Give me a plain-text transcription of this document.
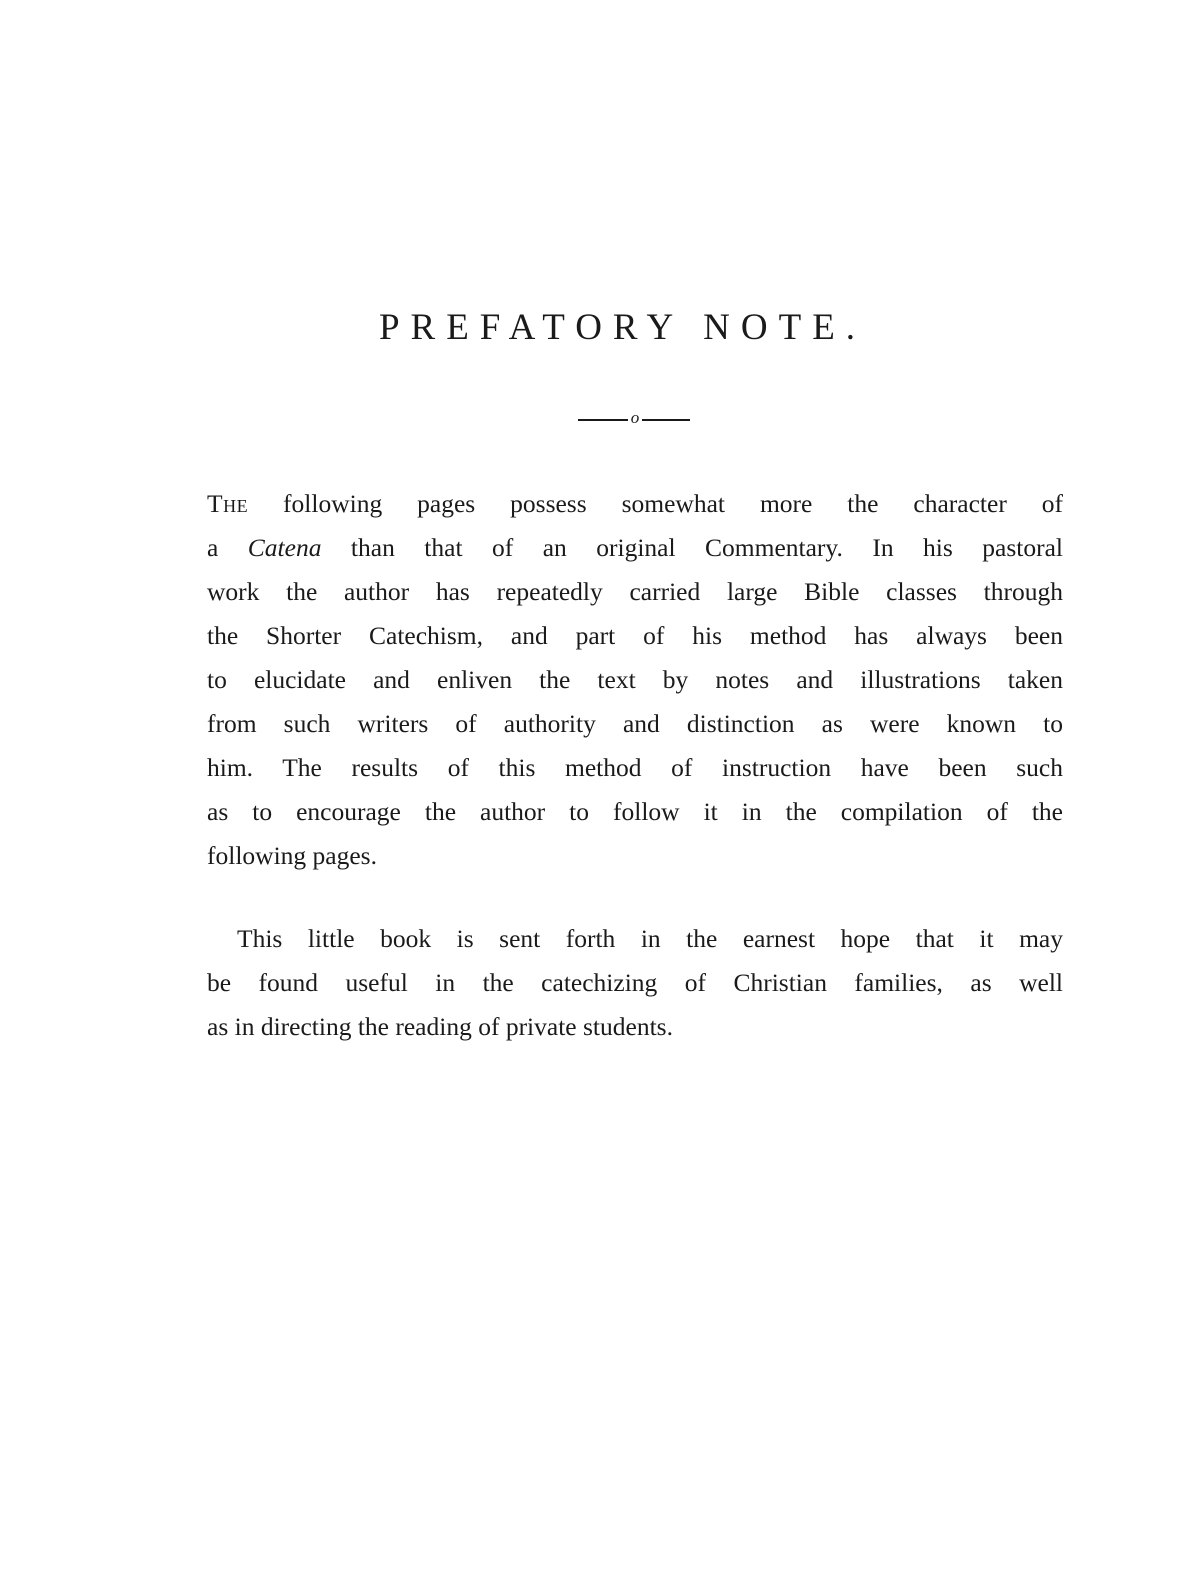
PREFATORY NOTE.
o
The following pages possess somewhat more the character of
a Catena than that of an original Commentary. In his pastoral
work the author has repeatedly carried large Bible classes through
the Shorter Catechism, and part of his method has always been
to elucidate and enliven the text by notes and illustrations taken
from such writers of authority and distinction as were known to
him. The results of this method of instruction have been such
as to encourage the author to follow it in the compilation of the
following pages.
This little book is sent forth in the earnest hope that it may
be found useful in the catechizing of Christian families, as well
as in directing the reading of private students.
